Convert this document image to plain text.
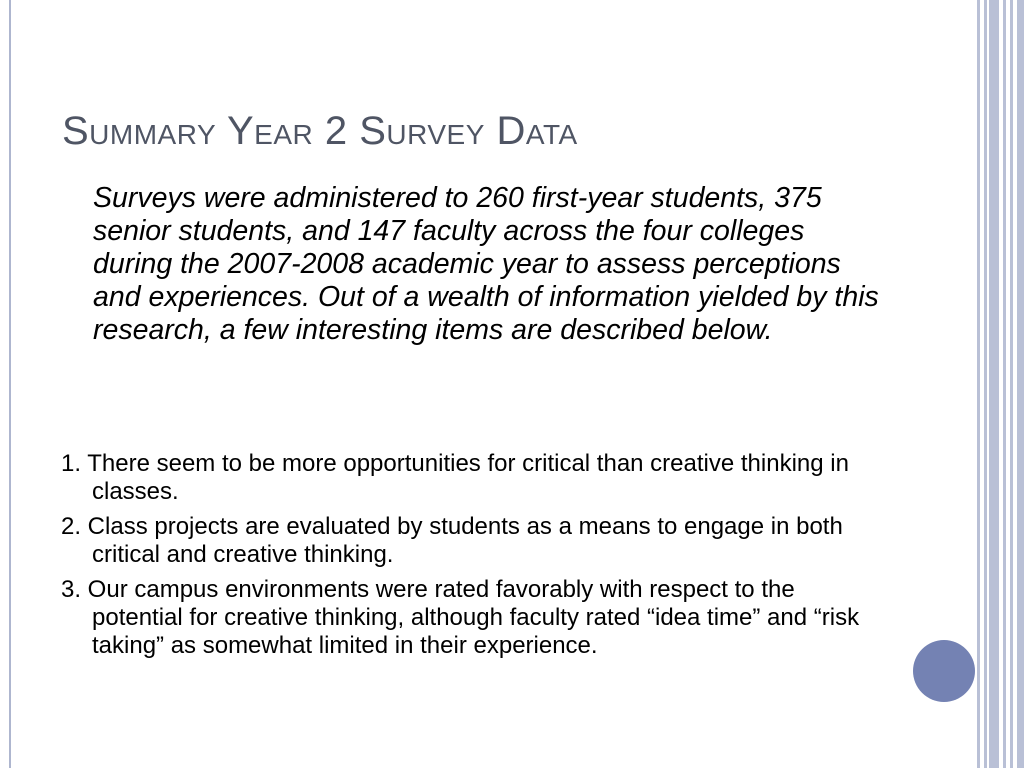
Summary Year 2 Survey Data

Surveys were administered to 260 first-year students, 375 senior students, and 147 faculty across the four colleges during the 2007-2008 academic year to assess perceptions and experiences. Out of a wealth of information yielded by this research, a few interesting items are described below.

1. There seem to be more opportunities for critical than creative thinking in classes.
2. Class projects are evaluated by students as a means to engage in both critical and creative thinking.
3. Our campus environments were rated favorably with respect to the potential for creative thinking, although faculty rated “idea time” and “risk taking” as somewhat limited in their experience.
